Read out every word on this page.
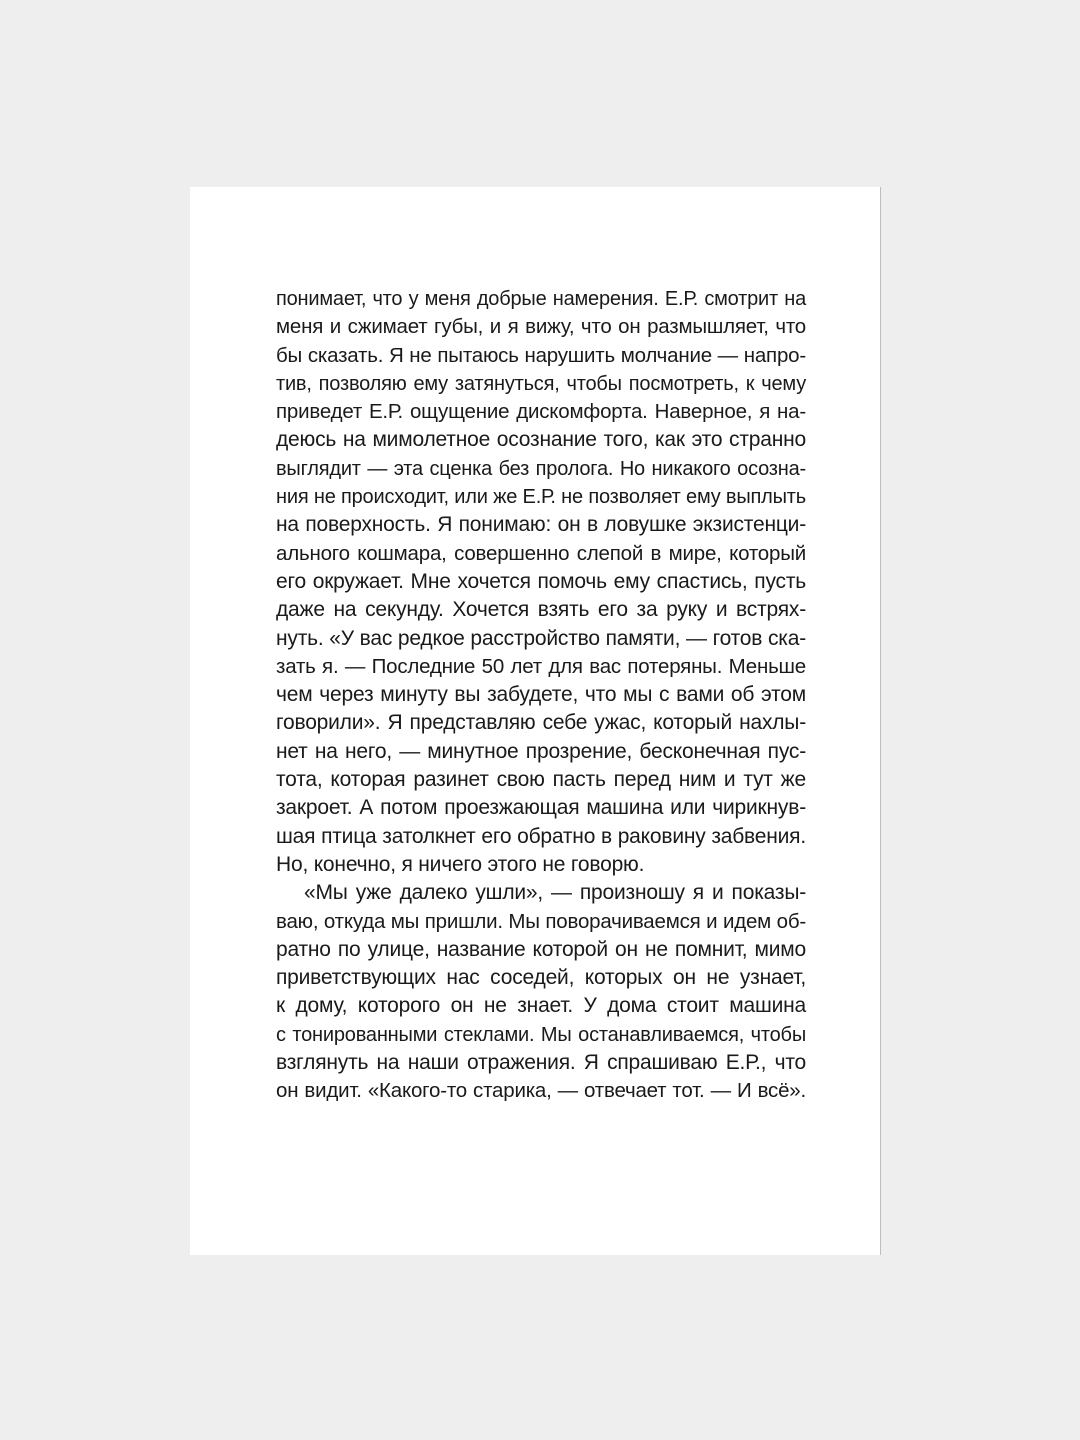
понимает, что у меня добрые намерения. Е.Р. смотрит на
меня и сжимает губы, и я вижу, что он размышляет, что
бы сказать. Я не пытаюсь нарушить молчание — напро-
тив, позволяю ему затянуться, чтобы посмотреть, к чему
приведет Е.Р. ощущение дискомфорта. Наверное, я на-
деюсь на мимолетное осознание того, как это странно
выглядит — эта сценка без пролога. Но никакого осозна-
ния не происходит, или же Е.Р. не позволяет ему выплыть
на поверхность. Я понимаю: он в ловушке экзистенци-
ального кошмара, совершенно слепой в мире, который
его окружает. Мне хочется помочь ему спастись, пусть
даже на секунду. Хочется взять его за руку и встрях-
нуть. «У вас редкое расстройство памяти, — готов ска-
зать я. — Последние 50 лет для вас потеряны. Меньше
чем через минуту вы забудете, что мы с вами об этом
говорили». Я представляю себе ужас, который нахлы-
нет на него, — минутное прозрение, бесконечная пус-
тота, которая разинет свою пасть перед ним и тут же
закроет. А потом проезжающая машина или чирикнув-
шая птица затолкнет его обратно в раковину забвения.
Но, конечно, я ничего этого не говорю.
«Мы уже далеко ушли», — произношу я и показы-
ваю, откуда мы пришли. Мы поворачиваемся и идем об-
ратно по улице, название которой он не помнит, мимо
приветствующих нас соседей, которых он не узнает,
к дому, которого он не знает. У дома стоит машина
с тонированными стеклами. Мы останавливаемся, чтобы
взглянуть на наши отражения. Я спрашиваю Е.Р., что
он видит. «Какого-то старика, — отвечает тот. — И всё».
